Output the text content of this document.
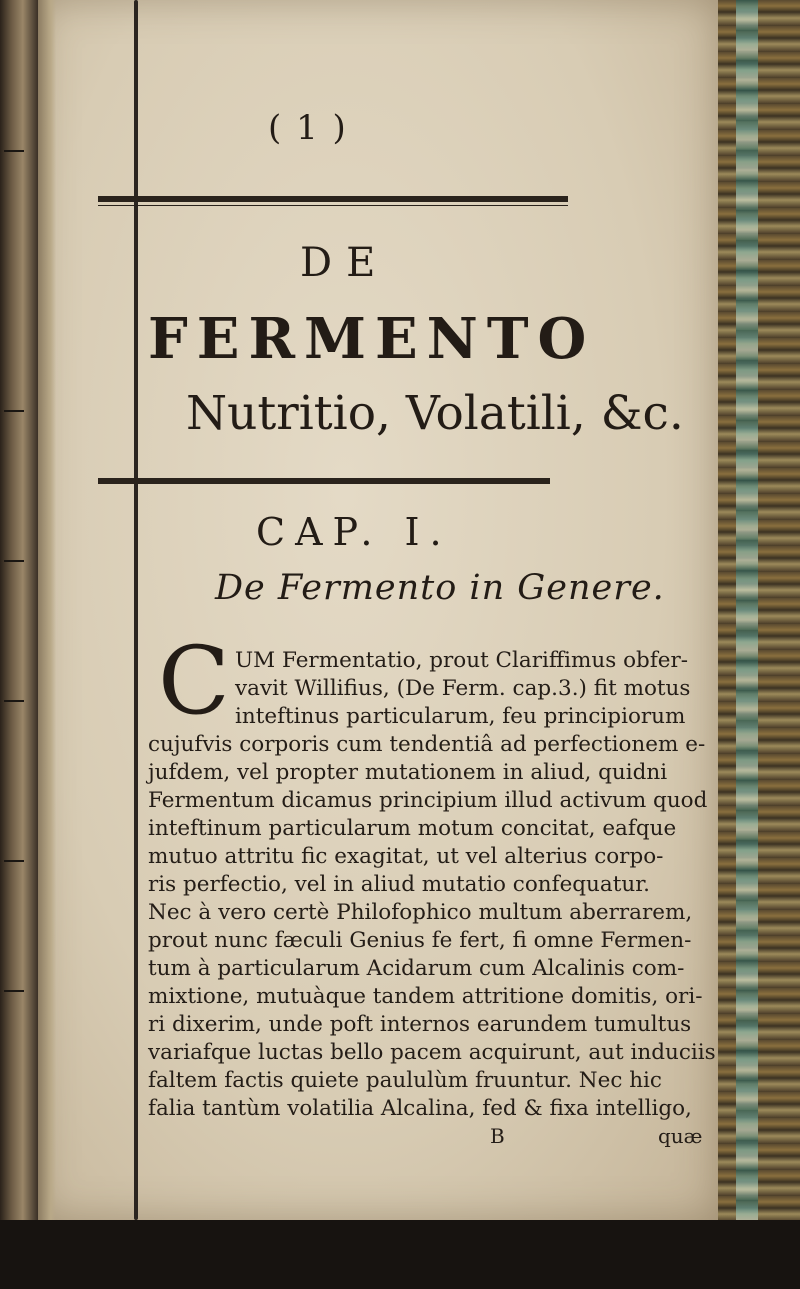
( 1 )
DE
FERMENTO
Nutritio, Volatili, &c.
CAP. I.
De Fermento in Genere.
C UM Fermentatio, prout Clariffimus obfer-
vavit Willifius, (De Ferm. cap.3.) fit motus
inteftinus particularum, feu principiorum
cujufvis corporis cum tendentiâ ad perfectionem e-
jufdem, vel propter mutationem in aliud, quidni
Fermentum dicamus principium illud activum quod
inteftinum particularum motum concitat, eafque
mutuo attritu fic exagitat, ut vel alterius corpo-
ris perfectio, vel in aliud mutatio confequatur.
Nec à vero certè Philofophico multum aberrarem,
prout nunc fæculi Genius fe fert, fi omne Fermen-
tum à particularum Acidarum cum Alcalinis com-
mixtione, mutuàque tandem attritione domitis, ori-
ri dixerim, unde poft internos earundem tumultus
variafque luctas bello pacem acquirunt, aut induciis
faltem factis quiete paululùm fruuntur. Nec hic
falia tantùm volatilia Alcalina, fed & fixa intelligo,
B	quæ
